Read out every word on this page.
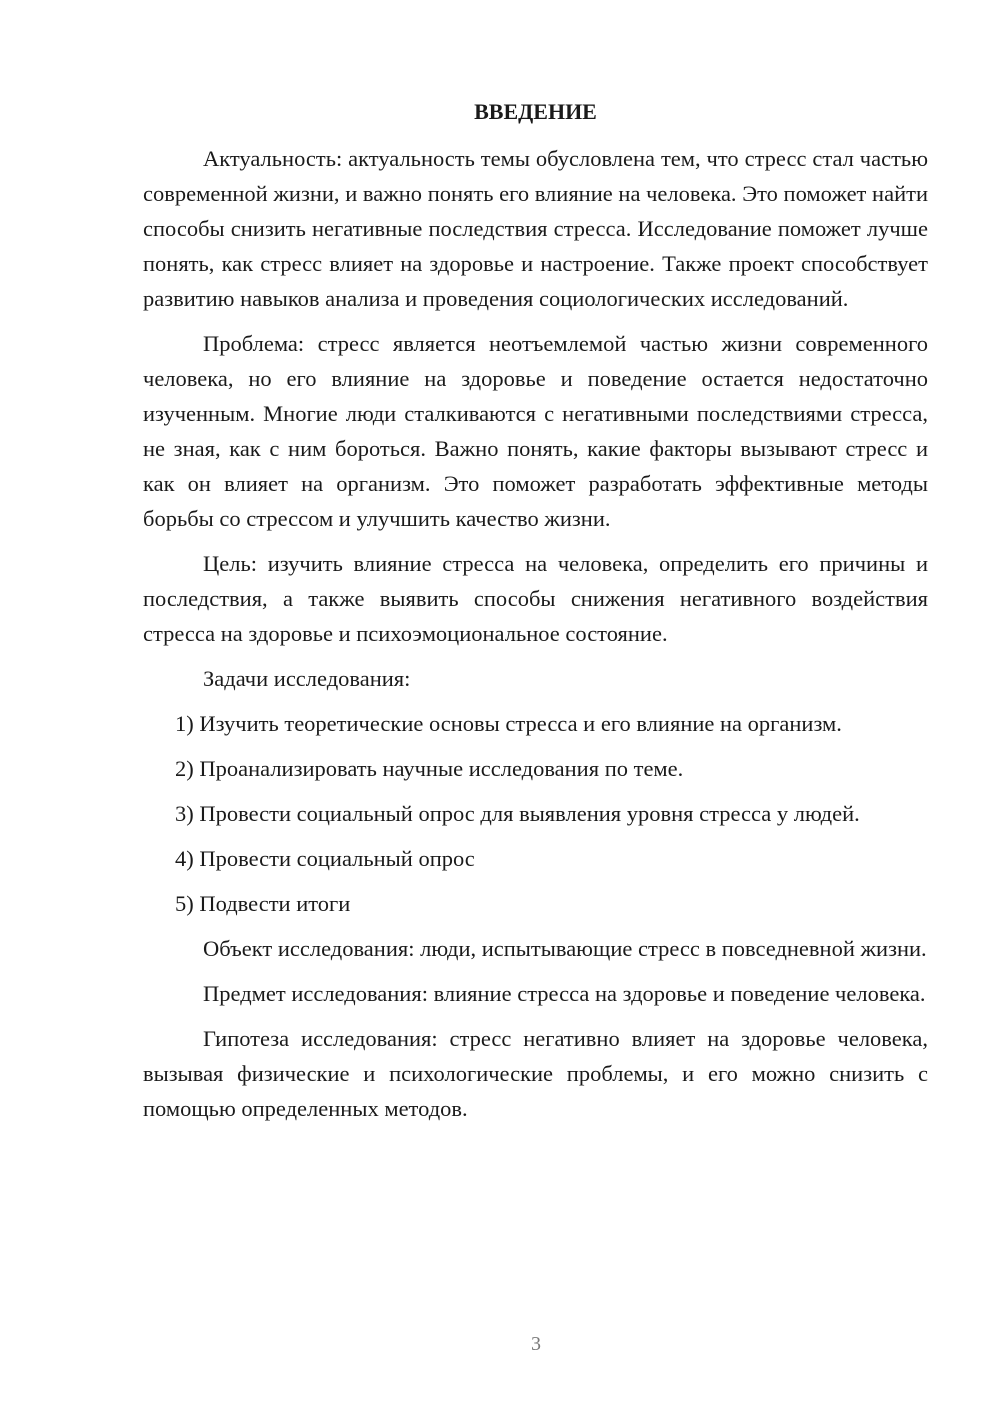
ВВЕДЕНИЕ

Актуальность: актуальность темы обусловлена тем, что стресс стал частью современной жизни, и важно понять его влияние на человека. Это поможет найти способы снизить негативные последствия стресса. Исследование поможет лучше понять, как стресс влияет на здоровье и настроение. Также проект способствует развитию навыков анализа и проведения социологических исследований.

Проблема: стресс является неотъемлемой частью жизни современного человека, но его влияние на здоровье и поведение остается недостаточно изученным. Многие люди сталкиваются с негативными последствиями стресса, не зная, как с ним бороться. Важно понять, какие факторы вызывают стресс и как он влияет на организм. Это поможет разработать эффективные методы борьбы со стрессом и улучшить качество жизни.

Цель: изучить влияние стресса на человека, определить его причины и последствия, а также выявить способы снижения негативного воздействия стресса на здоровье и психоэмоциональное состояние.

Задачи исследования:

1) Изучить теоретические основы стресса и его влияние на организм.
2) Проанализировать научные исследования по теме.
3) Провести социальный опрос для выявления уровня стресса у людей.
4) Провести социальный опрос
5) Подвести итоги

Объект исследования: люди, испытывающие стресс в повседневной жизни.

Предмет исследования: влияние стресса на здоровье и поведение человека.

Гипотеза исследования: стресс негативно влияет на здоровье человека, вызывая физические и психологические проблемы, и его можно снизить с помощью определенных методов.

3
